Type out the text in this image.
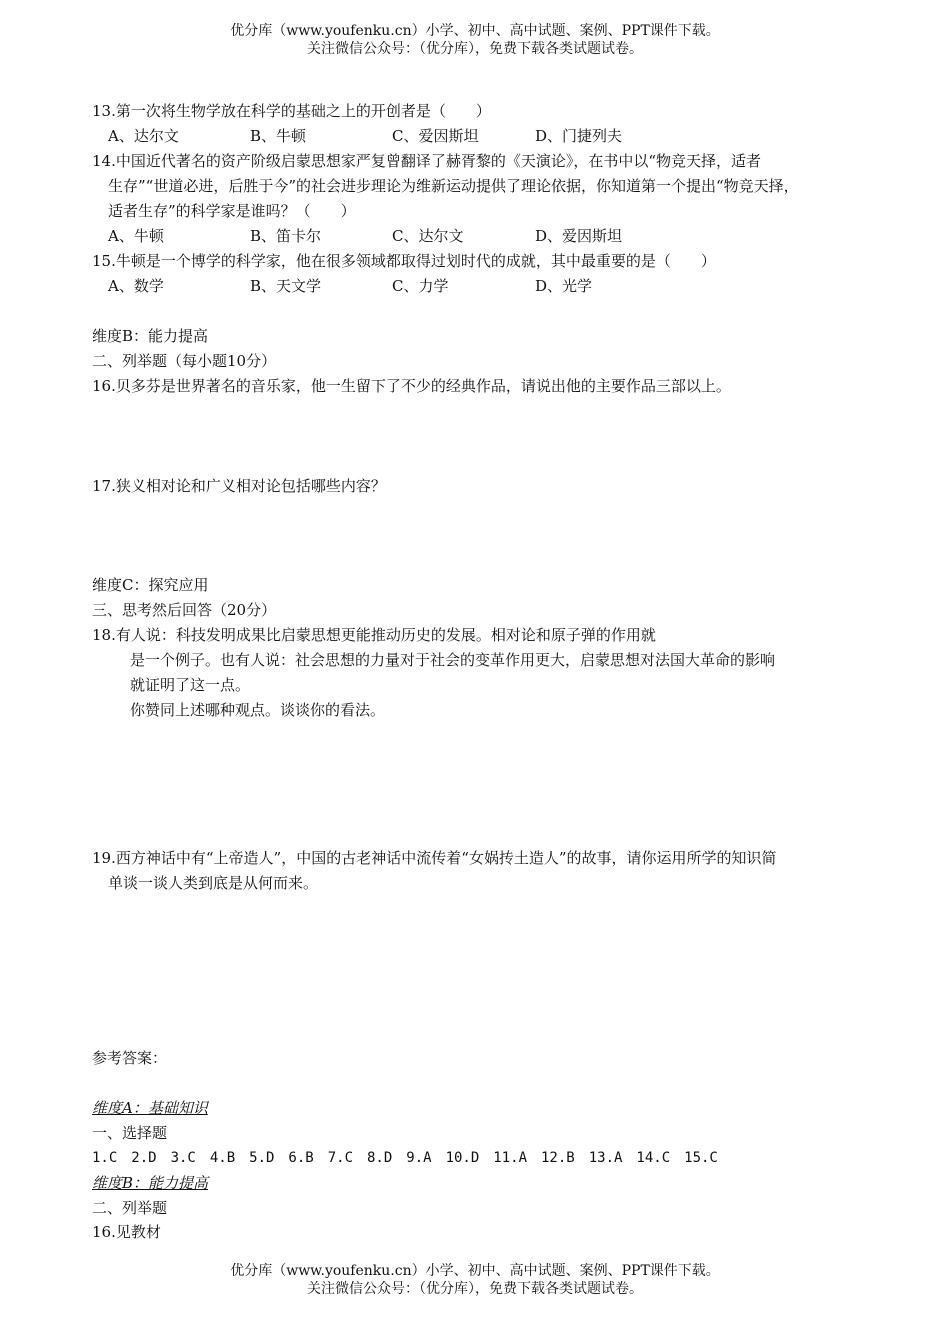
优分库（www.youfenku.cn）小学、初中、高中试题、案例、PPT课件下载。
关注微信公众号：（优分库），免费下载各类试题试卷。
13.第一次将生物学放在科学的基础之上的开创者是（　　）
A、达尔文	B、牛顿	C、爱因斯坦	D、门捷列夫
14.中国近代著名的资产阶级启蒙思想家严复曾翻译了赫胥黎的《天演论》，在书中以“物竞天择，适者
生存”“世道必进，后胜于今”的社会进步理论为维新运动提供了理论依据，你知道第一个提出“物竞天择，
适者生存”的科学家是谁吗？（　　）
A、牛顿	B、笛卡尔	C、达尔文	D、爱因斯坦
15.牛顿是一个博学的科学家，他在很多领域都取得过划时代的成就，其中最重要的是（　　）
A、数学	B、天文学	C、力学	D、光学
维度B：能力提高
二、列举题（每小题10分）
16.贝多芬是世界著名的音乐家，他一生留下了不少的经典作品，请说出他的主要作品三部以上。
17.狭义相对论和广义相对论包括哪些内容？
维度C：探究应用
三、思考然后回答（20分）
18.有人说：科技发明成果比启蒙思想更能推动历史的发展。相对论和原子弹的作用就
是一个例子。也有人说：社会思想的力量对于社会的变革作用更大，启蒙思想对法国大革命的影响
就证明了这一点。
你赞同上述哪种观点。谈谈你的看法。
19.西方神话中有“上帝造人”，中国的古老神话中流传着“女娲抟土造人”的故事，请你运用所学的知识简
单谈一谈人类到底是从何而来。
参考答案：
维度A：基础知识
一、选择题
1.C　2.D　3.C　4.B　5.D　6.B　7.C　8.D　9.A　10.D　11.A　12.B　13.A　14.C　15.C
维度B：能力提高
二、列举题
16.见教材
优分库（www.youfenku.cn）小学、初中、高中试题、案例、PPT课件下载。
关注微信公众号：（优分库），免费下载各类试题试卷。
